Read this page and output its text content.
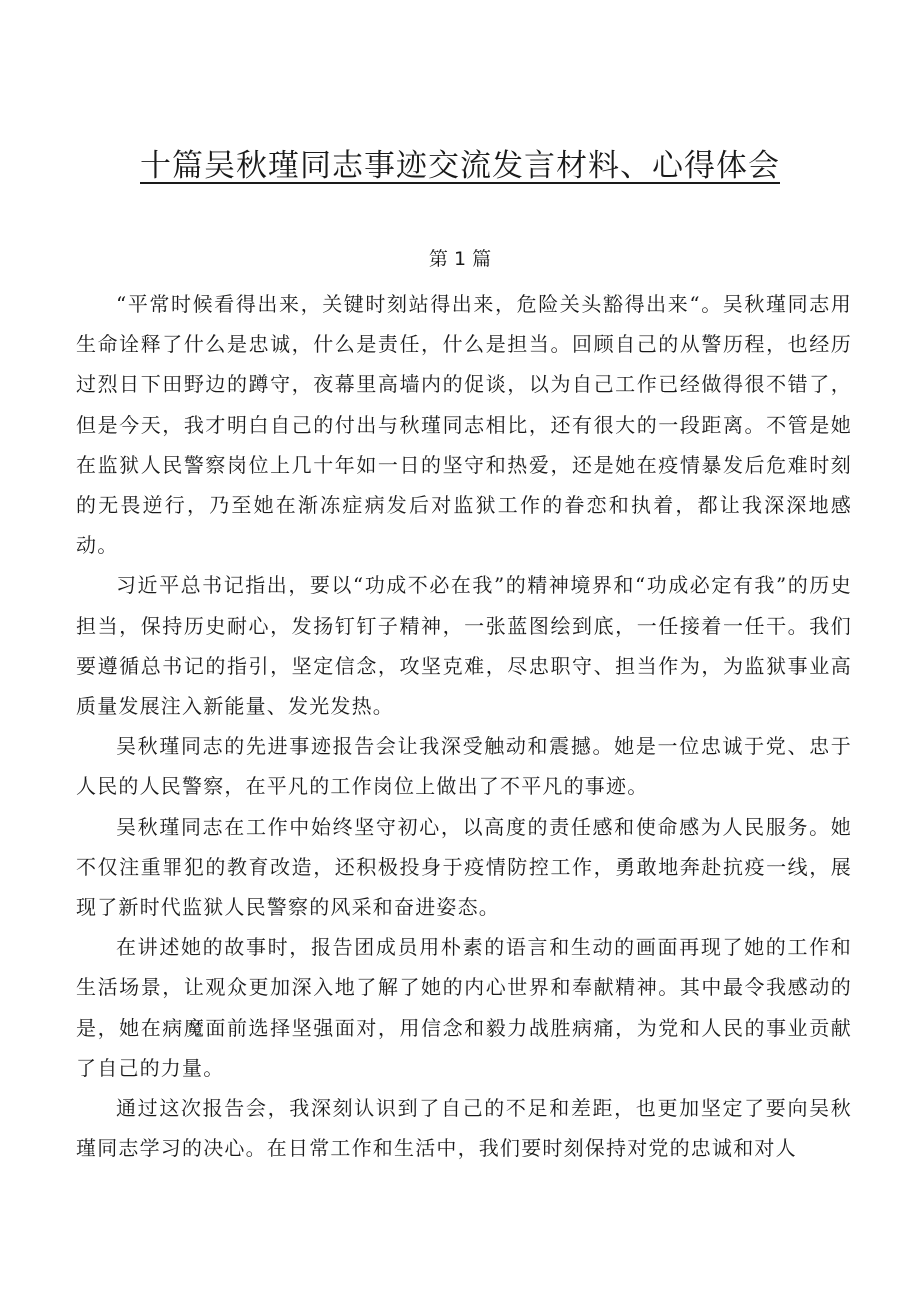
十篇吴秋瑾同志事迹交流发言材料、心得体会
第 1 篇

“平常时候看得出来，关键时刻站得出来，危险关头豁得出来“。吴秋瑾同志用生命诠释了什么是忠诚，什么是责任，什么是担当。回顾自己的从警历程，也经历过烈日下田野边的蹲守，夜幕里高墙内的促谈，以为自己工作已经做得很不错了，但是今天，我才明白自己的付出与秋瑾同志相比，还有很大的一段距离。不管是她在监狱人民警察岗位上几十年如一日的坚守和热爱，还是她在疫情暴发后危难时刻的无畏逆行，乃至她在渐冻症病发后对监狱工作的眷恋和执着，都让我深深地感动。

习近平总书记指出，要以“功成不必在我”的精神境界和“功成必定有我”的历史担当，保持历史耐心，发扬钉钉子精神，一张蓝图绘到底，一任接着一任干。我们要遵循总书记的指引，坚定信念，攻坚克难，尽忠职守、担当作为，为监狱事业高质量发展注入新能量、发光发热。

吴秋瑾同志的先进事迹报告会让我深受触动和震撼。她是一位忠诚于党、忠于人民的人民警察，在平凡的工作岗位上做出了不平凡的事迹。

吴秋瑾同志在工作中始终坚守初心，以高度的责任感和使命感为人民服务。她不仅注重罪犯的教育改造，还积极投身于疫情防控工作，勇敢地奔赴抗疫一线，展现了新时代监狱人民警察的风采和奋进姿态。

在讲述她的故事时，报告团成员用朴素的语言和生动的画面再现了她的工作和生活场景，让观众更加深入地了解了她的内心世界和奉献精神。其中最令我感动的是，她在病魔面前选择坚强面对，用信念和毅力战胜病痛，为党和人民的事业贡献了自己的力量。

通过这次报告会，我深刻认识到了自己的不足和差距，也更加坚定了要向吴秋瑾同志学习的决心。在日常工作和生活中，我们要时刻保持对党的忠诚和对人
